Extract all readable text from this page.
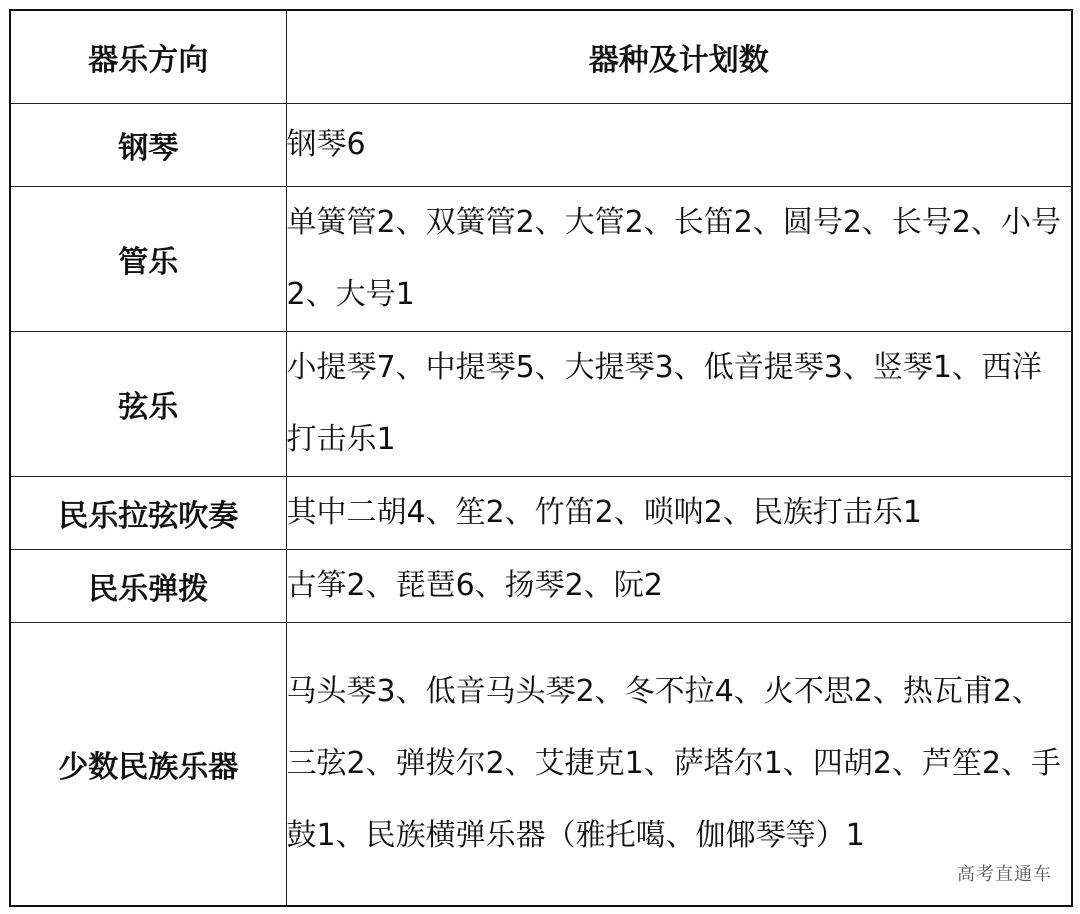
器乐方向	器种及计划数
钢琴	钢琴6
管乐	单簧管2、双簧管2、大管2、长笛2、圆号2、长号2、小号2、大号1
弦乐	小提琴7、中提琴5、大提琴3、低音提琴3、竖琴1、西洋打击乐1
民乐拉弦吹奏	其中二胡4、笙2、竹笛2、唢呐2、民族打击乐1
民乐弹拨	古筝2、琵琶6、扬琴2、阮2
少数民族乐器	马头琴3、低音马头琴2、冬不拉4、火不思2、热瓦甫2、三弦2、弹拨尔2、艾捷克1、萨塔尔1、四胡2、芦笙2、手鼓1、民族横弹乐器（雅托噶、伽倻琴等）1
高考直通车
